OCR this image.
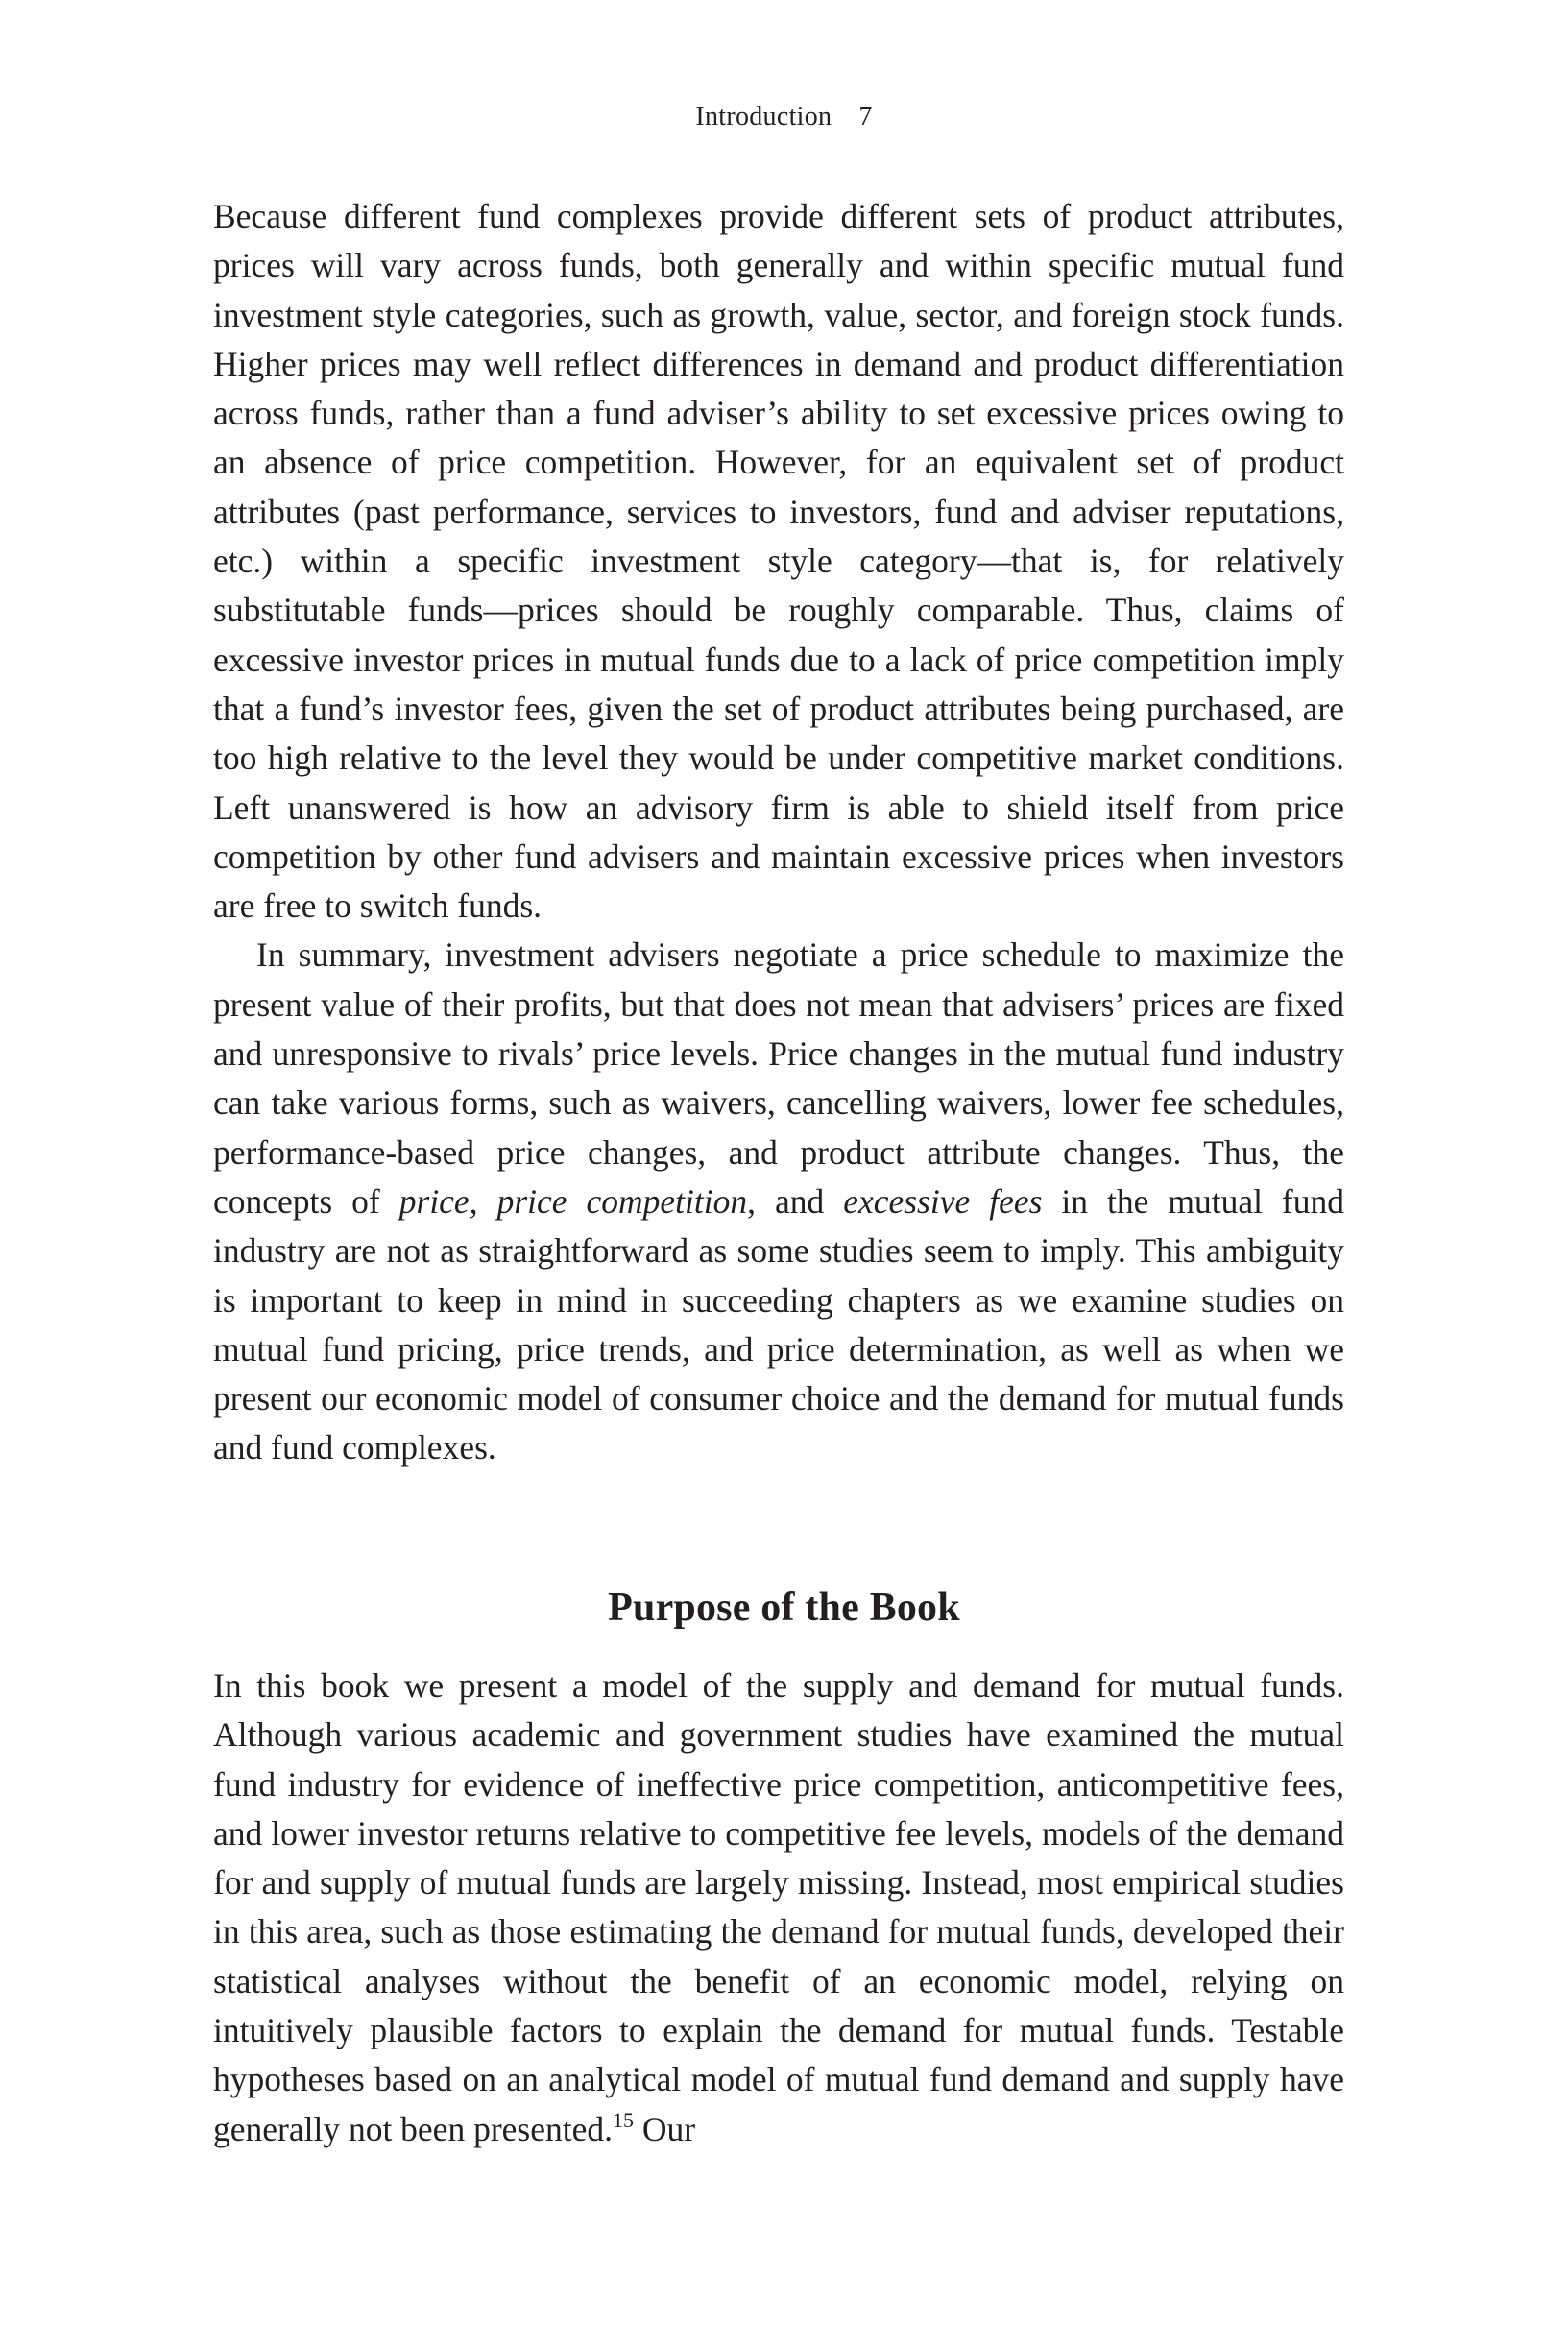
Introduction 7

Because different fund complexes provide different sets of product attributes, prices will vary across funds, both generally and within specific mutual fund investment style categories, such as growth, value, sector, and foreign stock funds. Higher prices may well reflect differences in demand and product differentiation across funds, rather than a fund adviser’s ability to set excessive prices owing to an absence of price competition. However, for an equivalent set of product attributes (past performance, services to investors, fund and adviser reputations, etc.) within a specific investment style category—that is, for relatively substitutable funds—prices should be roughly comparable. Thus, claims of excessive investor prices in mutual funds due to a lack of price competition imply that a fund’s investor fees, given the set of product attributes being purchased, are too high relative to the level they would be under competitive market conditions. Left unanswered is how an advisory firm is able to shield itself from price competition by other fund advisers and maintain excessive prices when investors are free to switch funds.

In summary, investment advisers negotiate a price schedule to maximize the present value of their profits, but that does not mean that advisers’ prices are fixed and unresponsive to rivals’ price levels. Price changes in the mutual fund industry can take various forms, such as waivers, cancelling waivers, lower fee schedules, performance-based price changes, and product attribute changes. Thus, the concepts of price, price competition, and excessive fees in the mutual fund industry are not as straightforward as some studies seem to imply. This ambiguity is important to keep in mind in succeeding chapters as we examine studies on mutual fund pricing, price trends, and price determination, as well as when we present our economic model of consumer choice and the demand for mutual funds and fund complexes.

Purpose of the Book

In this book we present a model of the supply and demand for mutual funds. Although various academic and government studies have examined the mutual fund industry for evidence of ineffective price competition, anticompetitive fees, and lower investor returns relative to competitive fee levels, models of the demand for and supply of mutual funds are largely missing. Instead, most empirical studies in this area, such as those estimating the demand for mutual funds, developed their statistical analyses without the benefit of an economic model, relying on intuitively plausible factors to explain the demand for mutual funds. Testable hypotheses based on an analytical model of mutual fund demand and supply have generally not been presented.$^{15}$ Our
